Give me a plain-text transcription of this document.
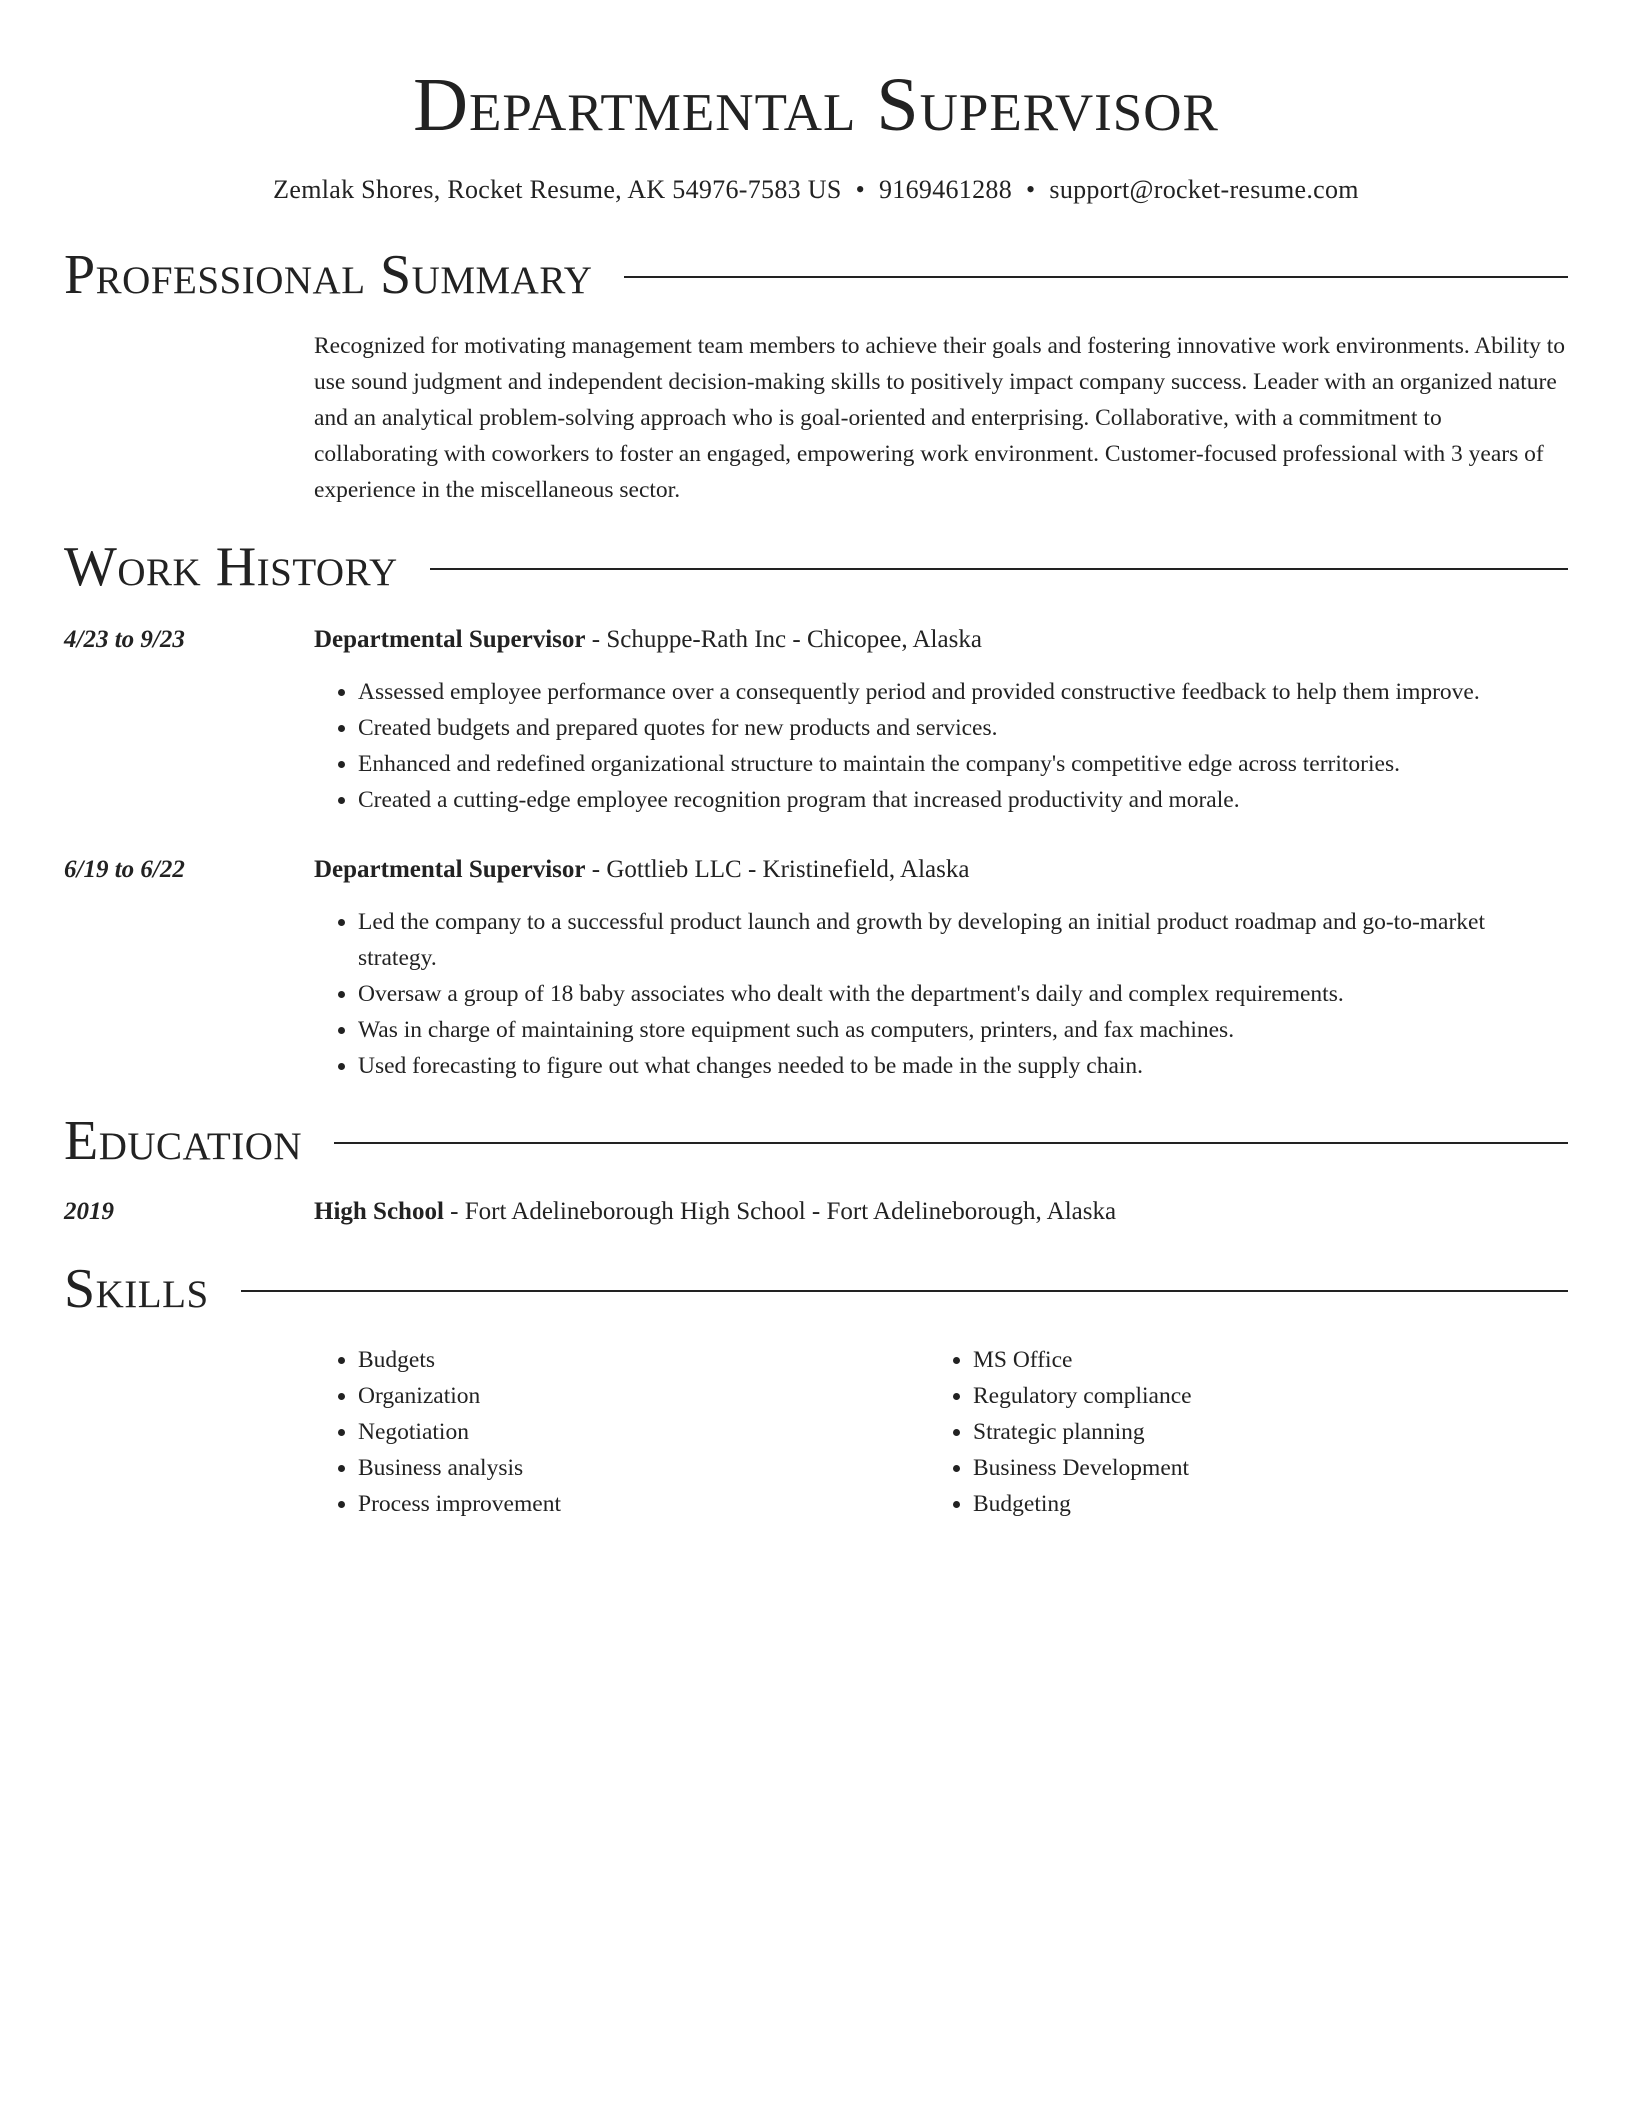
Departmental Supervisor
Zemlak Shores, Rocket Resume, AK 54976-7583 US • 9169461288 • support@rocket-resume.com
Professional Summary

Recognized for motivating management team members to achieve their goals and fostering innovative work environments. Ability to use sound judgment and independent decision-making skills to positively impact company success. Leader with an organized nature and an analytical problem-solving approach who is goal-oriented and enterprising. Collaborative, with a commitment to collaborating with coworkers to foster an engaged, empowering work environment. Customer-focused professional with 3 years of experience in the miscellaneous sector.

Work History
4/23 to 9/23	Departmental Supervisor - Schuppe-Rath Inc - Chicopee, Alaska
• Assessed employee performance over a consequently period and provided constructive feedback to help them improve.
• Created budgets and prepared quotes for new products and services.
• Enhanced and redefined organizational structure to maintain the company's competitive edge across territories.
• Created a cutting-edge employee recognition program that increased productivity and morale.
6/19 to 6/22	Departmental Supervisor - Gottlieb LLC - Kristinefield, Alaska
• Led the company to a successful product launch and growth by developing an initial product roadmap and go-to-market strategy.
• Oversaw a group of 18 baby associates who dealt with the department's daily and complex requirements.
• Was in charge of maintaining store equipment such as computers, printers, and fax machines.
• Used forecasting to figure out what changes needed to be made in the supply chain.
Education
2019	High School - Fort Adelineborough High School - Fort Adelineborough, Alaska
Skills
• Budgets
• Organization
• Negotiation
• Business analysis
• Process improvement
• MS Office
• Regulatory compliance
• Strategic planning
• Business Development
• Budgeting
